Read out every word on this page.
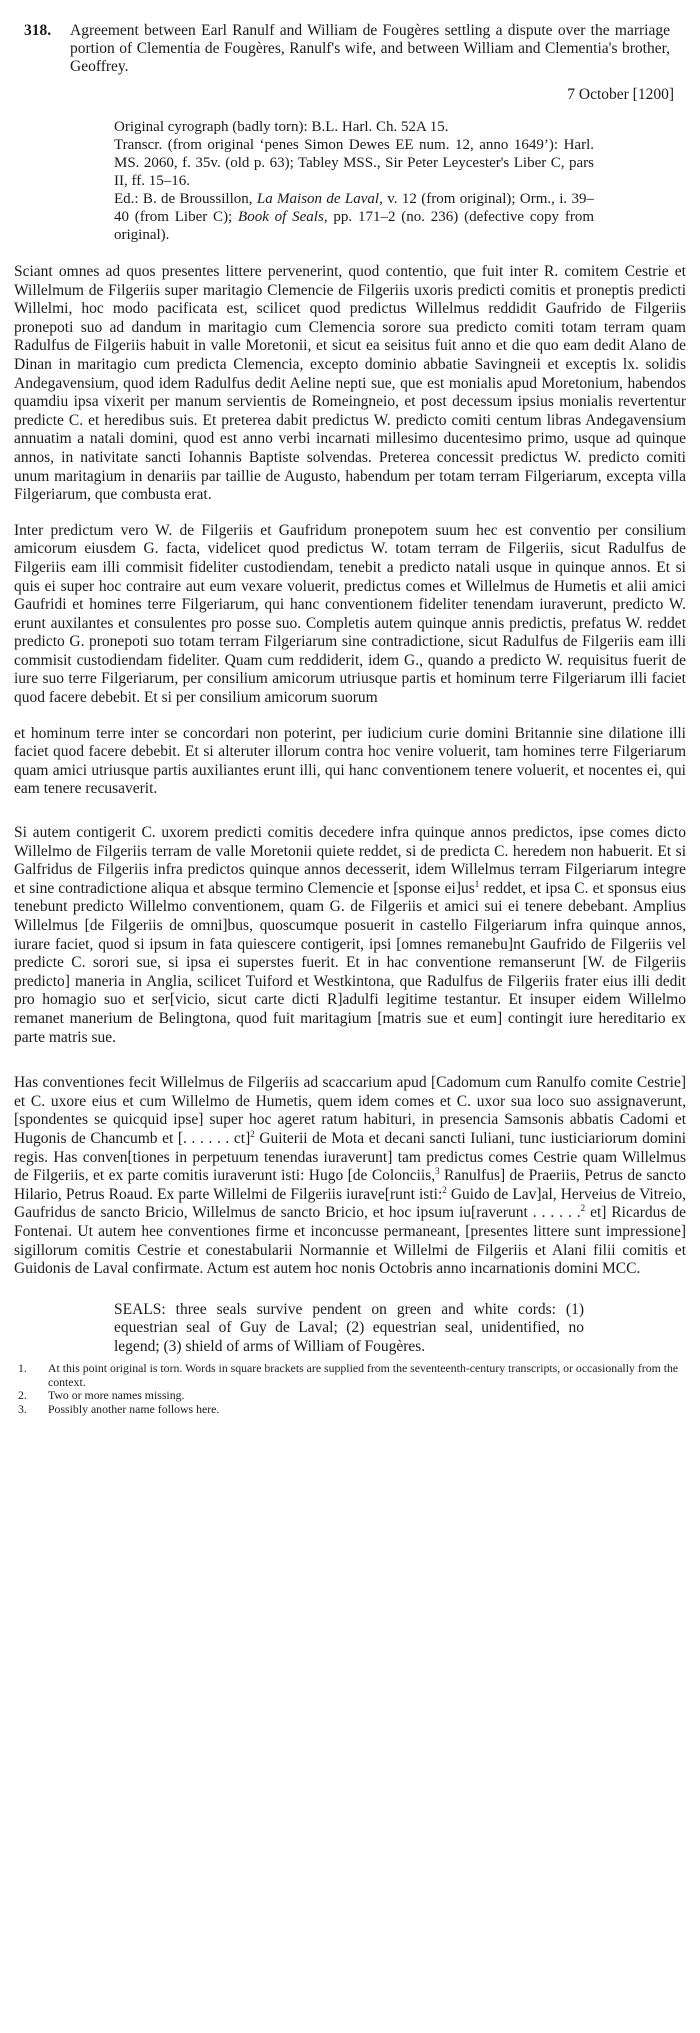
318.	Agreement between Earl Ranulf and William de Fougères settling a dispute over the marriage portion of Clementia de Fougères, Ranulf's wife, and between William and Clementia's brother, Geoffrey.
7 October [1200]
Original cyrograph (badly torn): B.L. Harl. Ch. 52A 15.
Transcr. (from original ‘penes Simon Dewes EE num. 12, anno 1649’): Harl. MS. 2060, f. 35v. (old p. 63); Tabley MSS., Sir Peter Leycester's Liber C, pars II, ff. 15–16.
Ed.: B. de Broussillon, La Maison de Laval, v. 12 (from original); Orm., i. 39–40 (from Liber C); Book of Seals, pp. 171–2 (no. 236) (defective copy from original).

Sciant omnes ad quos presentes littere pervenerint, quod contentio, que fuit inter R. comitem Cestrie et Willelmum de Filgeriis super maritagio Clemencie de Filgeriis uxoris predicti comitis et proneptis predicti Willelmi, hoc modo pacificata est, scilicet quod predictus Willelmus reddidit Gaufrido de Filgeriis pronepoti suo ad dandum in maritagio cum Clemencia sorore sua predicto comiti totam terram quam Radulfus de Filgeriis habuit in valle Moretonii, et sicut ea seisitus fuit anno et die quo eam dedit Alano de Dinan in maritagio cum predicta Clemencia, excepto dominio abbatie Savingneii et exceptis lx. solidis Andegavensium, quod idem Radulfus dedit Aeline nepti sue, que est monialis apud Moretonium, habendos quamdiu ipsa vixerit per manum servientis de Romeingneio, et post decessum ipsius monialis revertentur predicte C. et heredibus suis. Et preterea dabit predictus W. predicto comiti centum libras Andegavensium annuatim a natali domini, quod est anno verbi incarnati millesimo ducentesimo primo, usque ad quinque annos, in nativitate sancti Iohannis Baptiste solvendas. Preterea concessit predictus W. predicto comiti unum maritagium in denariis par taillie de Augusto, habendum per totam terram Filgeriarum, excepta villa Filgeriarum, que combusta erat.

Inter predictum vero W. de Filgeriis et Gaufridum pronepotem suum hec est conventio per consilium amicorum eiusdem G. facta, videlicet quod predictus W. totam terram de Filgeriis, sicut Radulfus de Filgeriis eam illi commisit fideliter custodiendam, tenebit a predicto natali usque in quinque annos. Et si quis ei super hoc contraire aut eum vexare voluerit, predictus comes et Willelmus de Humetis et alii amici Gaufridi et homines terre Filgeriarum, qui hanc conventionem fideliter tenendam iuraverunt, predicto W. erunt auxilantes et consulentes pro posse suo. Completis autem quinque annis predictis, prefatus W. reddet predicto G. pronepoti suo totam terram Filgeriarum sine contradictione, sicut Radulfus de Filgeriis eam illi commisit custodiendam fideliter. Quam cum reddiderit, idem G., quando a predicto W. requisitus fuerit de iure suo terre Filgeriarum, per consilium amicorum utriusque partis et hominum terre Filgeriarum illi faciet quod facere debebit. Et si per consilium amicorum suorum

et hominum terre inter se concordari non poterint, per iudicium curie domini Britannie sine dilatione illi faciet quod facere debebit. Et si alteruter illorum contra hoc venire voluerit, tam homines terre Filgeriarum quam amici utriusque partis auxiliantes erunt illi, qui hanc conventionem tenere voluerit, et nocentes ei, qui eam tenere recusaverit.

Si autem contigerit C. uxorem predicti comitis decedere infra quinque annos predictos, ipse comes dicto Willelmo de Filgeriis terram de valle Moretonii quiete reddet, si de predicta C. heredem non habuerit. Et si Galfridus de Filgeriis infra predictos quinque annos decesserit, idem Willelmus terram Filgeriarum integre et sine contradictione aliqua et absque termino Clemencie et [sponse $ei]us^1$ reddet, et ipsa C. et sponsus eius tenebunt predicto Willelmo conventionem, quam G. de Filgeriis et amici sui ei tenere debebant. Amplius Willelmus [de Filgeriis de omni]bus, quoscumque posuerit in castello Filgeriarum infra quinque annos, iurare faciet, quod si ipsum in fata quiescere contigerit, ipsi [omnes remanebu]nt Gaufrido de Filgeriis vel predicte C. sorori sue, si ipsa ei superstes fuerit. Et in hac conventione remanserunt [W. de Filgeriis predicto] maneria in Anglia, scilicet Tuiford et Westkintona, que Radulfus de Filgeriis frater eius illi dedit pro homagio suo et ser[vicio, sicut carte dicti R]adulfi legitime testantur. Et insuper eidem Willelmo remanet manerium de Belingtona, quod fuit maritagium [matris sue et eum] contingit iure hereditario ex parte matris sue.

Has conventiones fecit Willelmus de Filgeriis ad scaccarium apud [Cadomum cum Ranulfo comite Cestrie] et C. uxore eius et cum Willelmo de Humetis, quem idem comes et C. uxor sua loco suo assignaverunt, [spondentes se quicquid ipse] super hoc ageret ratum habituri, in presencia Samsonis abbatis Cadomi et Hugonis de Chancumb et [. . . . . . ct]$^2$ Guiterii de Mota et decani sancti Iuliani, tunc iusticiariorum domini regis. Has conven[tiones in perpetuum tenendas iuraverunt] tam predictus comes Cestrie quam Willelmus de Filgeriis, et ex parte comitis iuraverunt isti: Hugo [de Colonciis,$^3$ Ranulfus] de Praeriis, Petrus de sancto Hilario, Petrus Roaud. Ex parte Willelmi de Filgeriis iurave[runt isti:$^2$ Guido de Lav]al, Herveius de Vitreio, Gaufridus de sancto Bricio, Willelmus de sancto Bricio, et hoc ipsum iu[raverunt . . . . . .$^2$ et] Ricardus de Fontenai. Ut autem hee conventiones firme et inconcusse permaneant, [presentes littere sunt impressione] sigillorum comitis Cestrie et conestabularii Normannie et Willelmi de Filgeriis et Alani filii comitis et Guidonis de Laval confirmate. Actum est autem hoc nonis Octobris anno incarnationis domini MCC.

SEALS: three seals survive pendent on green and white cords: (1) equestrian seal of Guy de Laval; (2) equestrian seal, unidentified, no legend; (3) shield of arms of William of Fougères.
1.	At this point original is torn. Words in square brackets are supplied from the seventeenth-century transcripts, or occasionally from the context.
2.	Two or more names missing.
3.	Possibly another name follows here.
